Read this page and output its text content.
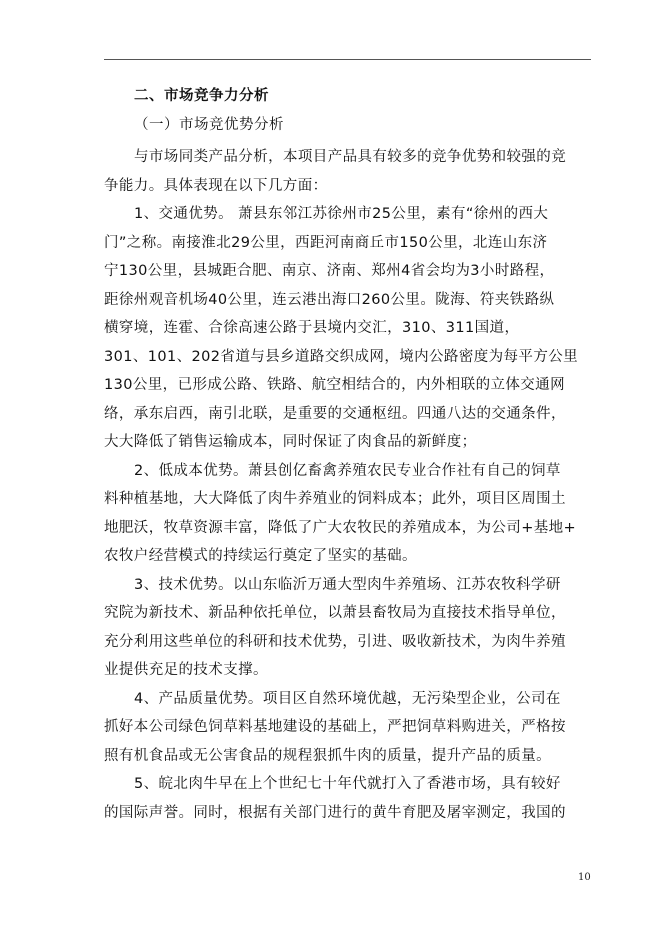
二、市场竞争力分析
（一）市场竞优势分析

与市场同类产品分析，本项目产品具有较多的竞争优势和较强的竞
争能力。具体表现在以下几方面：

1、交通优势。 萧县东邻江苏徐州市25公里，素有“徐州的西大
门”之称。南接淮北29公里，西距河南商丘市150公里，北连山东济
宁130公里，县城距合肥、南京、济南、郑州4省会均为3小时路程，
距徐州观音机场40公里，连云港出海口260公里。陇海、符夹铁路纵
横穿境，连霍、合徐高速公路于县境内交汇，310、311国道，
301、101、202省道与县乡道路交织成网，境内公路密度为每平方公里
130公里，已形成公路、铁路、航空相结合的，内外相联的立体交通网
络，承东启西，南引北联，是重要的交通枢纽。四通八达的交通条件，
大大降低了销售运输成本，同时保证了肉食品的新鲜度；

2、低成本优势。萧县创亿畜禽养殖农民专业合作社有自己的饲草
料种植基地，大大降低了肉牛养殖业的饲料成本；此外，项目区周围土
地肥沃，牧草资源丰富，降低了广大农牧民的养殖成本，为公司+基地+
农牧户经营模式的持续运行奠定了坚实的基础。

3、技术优势。以山东临沂万通大型肉牛养殖场、江苏农牧科学研
究院为新技术、新品种依托单位，以萧县畜牧局为直接技术指导单位，
充分利用这些单位的科研和技术优势，引进、吸收新技术，为肉牛养殖
业提供充足的技术支撑。

4、产品质量优势。项目区自然环境优越，无污染型企业，公司在
抓好本公司绿色饲草料基地建设的基础上，严把饲草料购进关，严格按
照有机食品或无公害食品的规程狠抓牛肉的质量，提升产品的质量。

5、皖北肉牛早在上个世纪七十年代就打入了香港市场，具有较好
的国际声誉。同时，根据有关部门进行的黄牛育肥及屠宰测定，我国的

10
